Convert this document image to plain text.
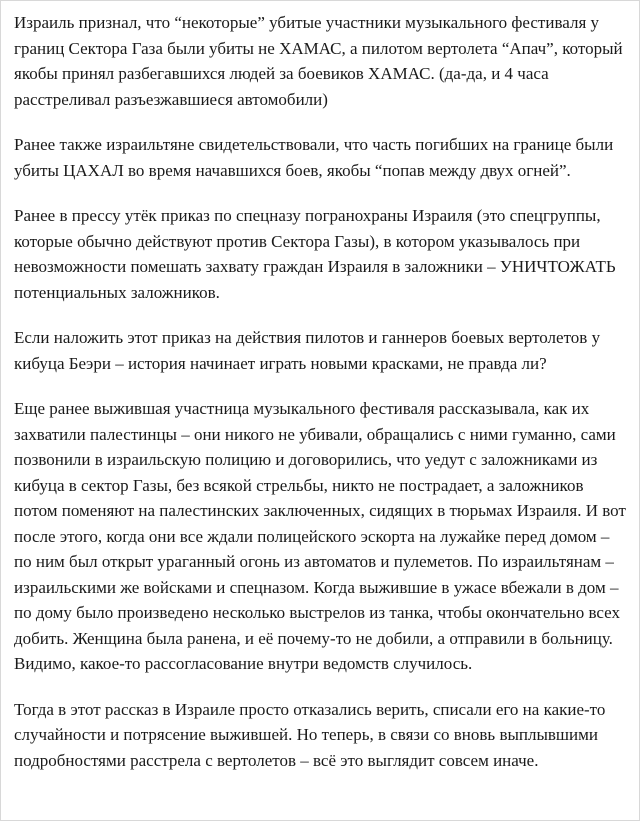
Израиль признал, что “некоторые” убитые участники музыкального фестиваля у границ Сектора Газа были убиты не ХАМАС, а пилотом вертолета “Апач”, который якобы принял разбегавшихся людей за боевиков ХАМАС. (да-да, и 4 часа расстреливал разъезжавшиеся автомобили)

Ранее также израильтяне свидетельствовали, что часть погибших на границе были убиты ЦАХАЛ во время начавшихся боев, якобы “попав между двух огней”.

Ранее в прессу утёк приказ по спецназу погранохраны Израиля (это спецгруппы, которые обычно действуют против Сектора Газы), в котором указывалось при невозможности помешать захвату граждан Израиля в заложники – УНИЧТОЖАТЬ потенциальных заложников.

Если наложить этот приказ на действия пилотов и ганнеров боевых вертолетов у кибуца Беэри – история начинает играть новыми красками, не правда ли?

Еще ранее выжившая участница музыкального фестиваля рассказывала, как их захватили палестинцы – они никого не убивали, обращались с ними гуманно, сами позвонили в израильскую полицию и договорились, что уедут с заложниками из кибуца в сектор Газы, без всякой стрельбы, никто не пострадает, а заложников потом поменяют на палестинских заключенных, сидящих в тюрьмах Израиля. И вот после этого, когда они все ждали полицейского эскорта на лужайке перед домом – по ним был открыт ураганный огонь из автоматов и пулеметов. По израильтянам – израильскими же войсками и спецназом. Когда выжившие в ужасе вбежали в дом – по дому было произведено несколько выстрелов из танка, чтобы окончательно всех добить. Женщина была ранена, и её почему-то не добили, а отправили в больницу. Видимо, какое-то рассогласование внутри ведомств случилось.

Тогда в этот рассказ в Израиле просто отказались верить, списали его на какие-то случайности и потрясение выжившей. Но теперь, в связи со вновь выплывшими подробностями расстрела с вертолетов – всё это выглядит совсем иначе.
